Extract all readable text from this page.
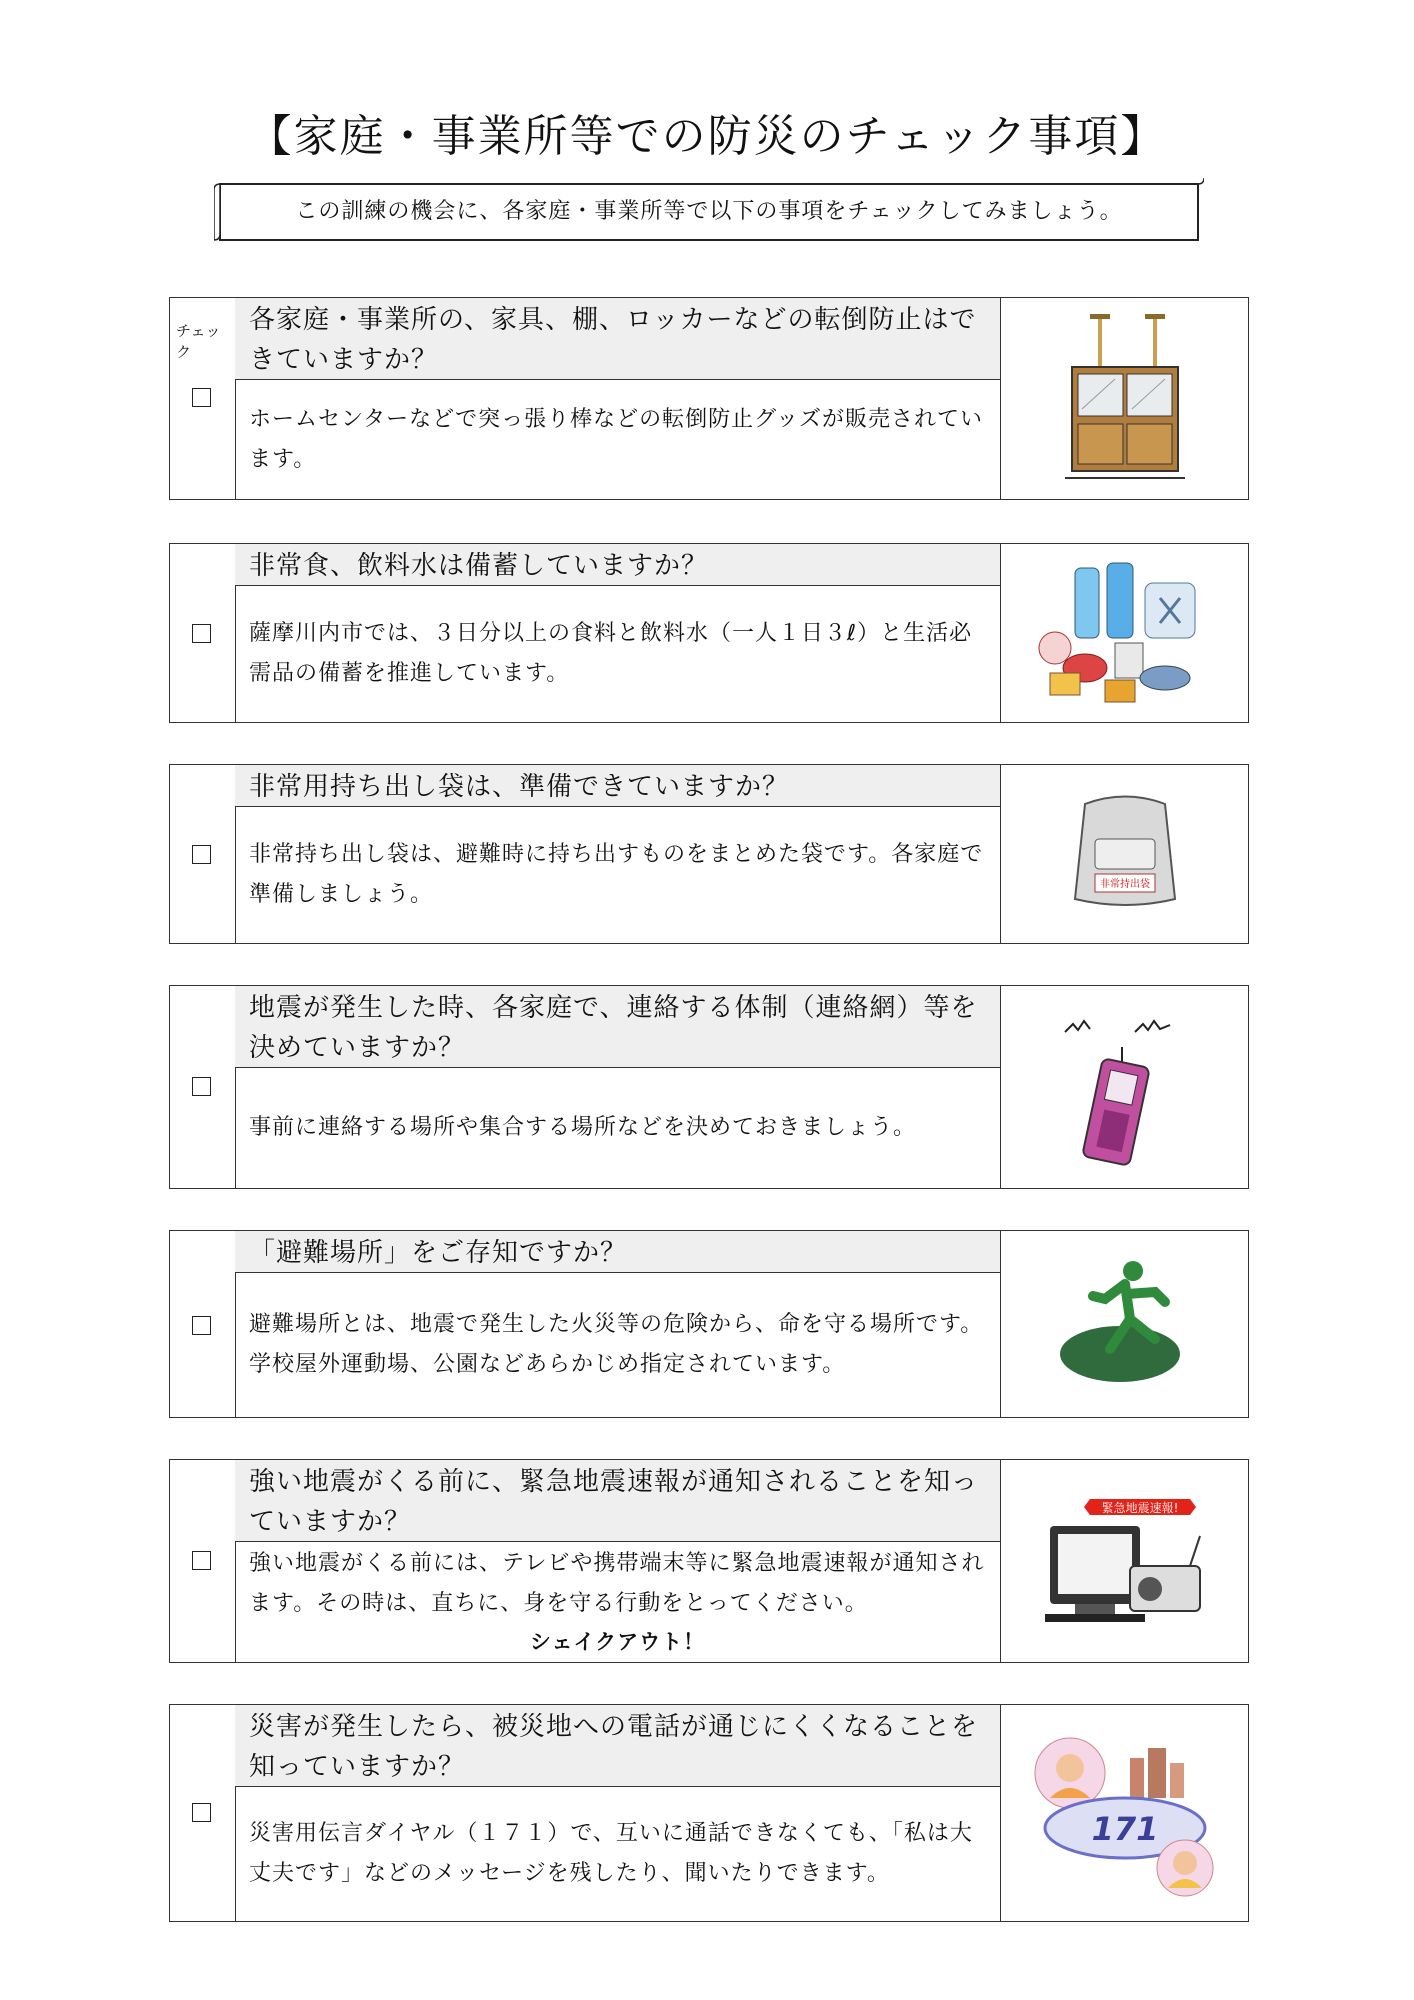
【家庭・事業所等での防災のチェック事項】
この訓練の機会に、各家庭・事業所等で以下の事項をチェックしてみましょう。
チェック
各家庭・事業所の、家具、棚、ロッカーなどの転倒防止はできていますか？
ホームセンターなどで突っ張り棒などの転倒防止グッズが販売されています。
非常食、飲料水は備蓄していますか？
薩摩川内市では、３日分以上の食料と飲料水（一人１日３ℓ）と生活必需品の備蓄を推進しています。
非常用持ち出し袋は、準備できていますか？
非常持ち出し袋は、避難時に持ち出すものをまとめた袋です。各家庭で準備しましょう。	非常持出袋
地震が発生した時、各家庭で、連絡する体制（連絡網）等を決めていますか？
事前に連絡する場所や集合する場所などを決めておきましょう。
「避難場所」をご存知ですか？
避難場所とは、地震で発生した火災等の危険から、命を守る場所です。学校屋外運動場、公園などあらかじめ指定されています。
強い地震がくる前に、緊急地震速報が通知されることを知っていますか？
強い地震がくる前には、テレビや携帯端末等に緊急地震速報が通知されます。その時は、直ちに、身を守る行動をとってください。
シェイクアウト！
緊急地震速報!
災害が発生したら、被災地への電話が通じにくくなることを知っていますか？
災害用伝言ダイヤル（１７１）で、互いに通話できなくても、「私は大丈夫です」などのメッセージを残したり、聞いたりできます。
171
